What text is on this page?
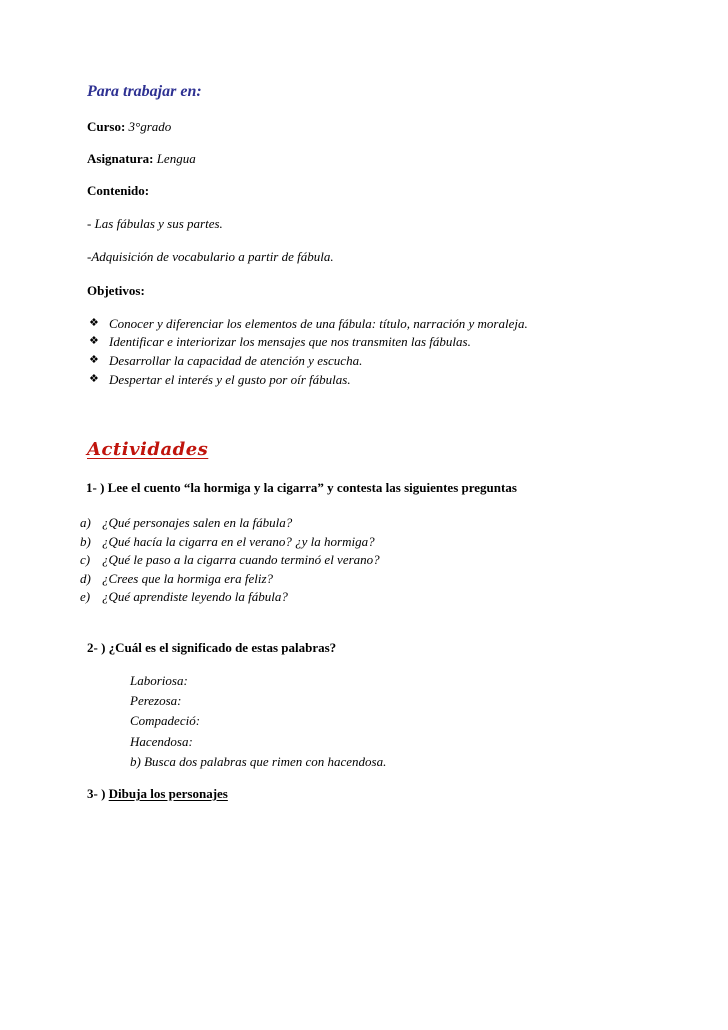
Para trabajar en:
Curso: 3°grado
Asignatura: Lengua
Contenido:
- Las fábulas y sus partes.
-Adquisición de vocabulario a partir de fábula.
Objetivos:
❖ Conocer y diferenciar los elementos de una fábula: título, narración y moraleja.
❖ Identificar e interiorizar los mensajes que nos transmiten las fábulas.
❖ Desarrollar la capacidad de atención y escucha.
❖ Despertar el interés y el gusto por oír fábulas.
Actividades
1- ) Lee el cuento “la hormiga y la cigarra” y contesta las siguientes preguntas
a) ¿Qué personajes salen en la fábula?
b) ¿Qué hacía la cigarra en el verano? ¿y la hormiga?
c) ¿Qué le paso a la cigarra cuando terminó el verano?
d) ¿Crees que la hormiga era feliz?
e) ¿Qué aprendiste leyendo la fábula?
2- ) ¿Cuál es el significado de estas palabras?
Laboriosa:
Perezosa:
Compadeció:
Hacendosa:
b) Busca dos palabras que rimen con hacendosa.
3- ) Dibuja los personajes
